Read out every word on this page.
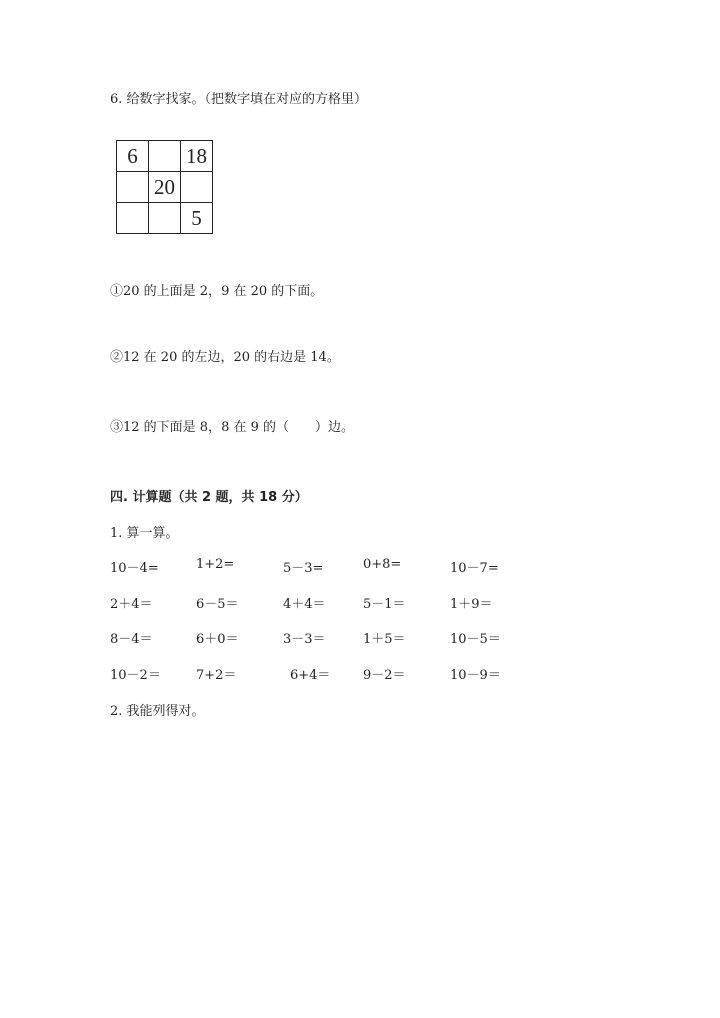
6. 给数字找家。（把数字填在对应的方格里）
6		18
	20	
		5
①20 的上面是 2，9 在 20 的下面。
②12 在 20 的左边，20 的右边是 14。
③12 的下面是 8，8 在 9 的（　　）边。
四. 计算题（共 2 题，共 18 分）
1. 算一算。
10－4=	1+2=	5－3=	0+8=	10－7=
2＋4＝	6－5＝	4＋4＝	5－1＝	1＋9＝
8－4＝	6＋0＝	3－3＝	1＋5＝	10－5＝
10－2＝	7+2＝	6+4＝	9－2＝	10－9＝
2. 我能列得对。
